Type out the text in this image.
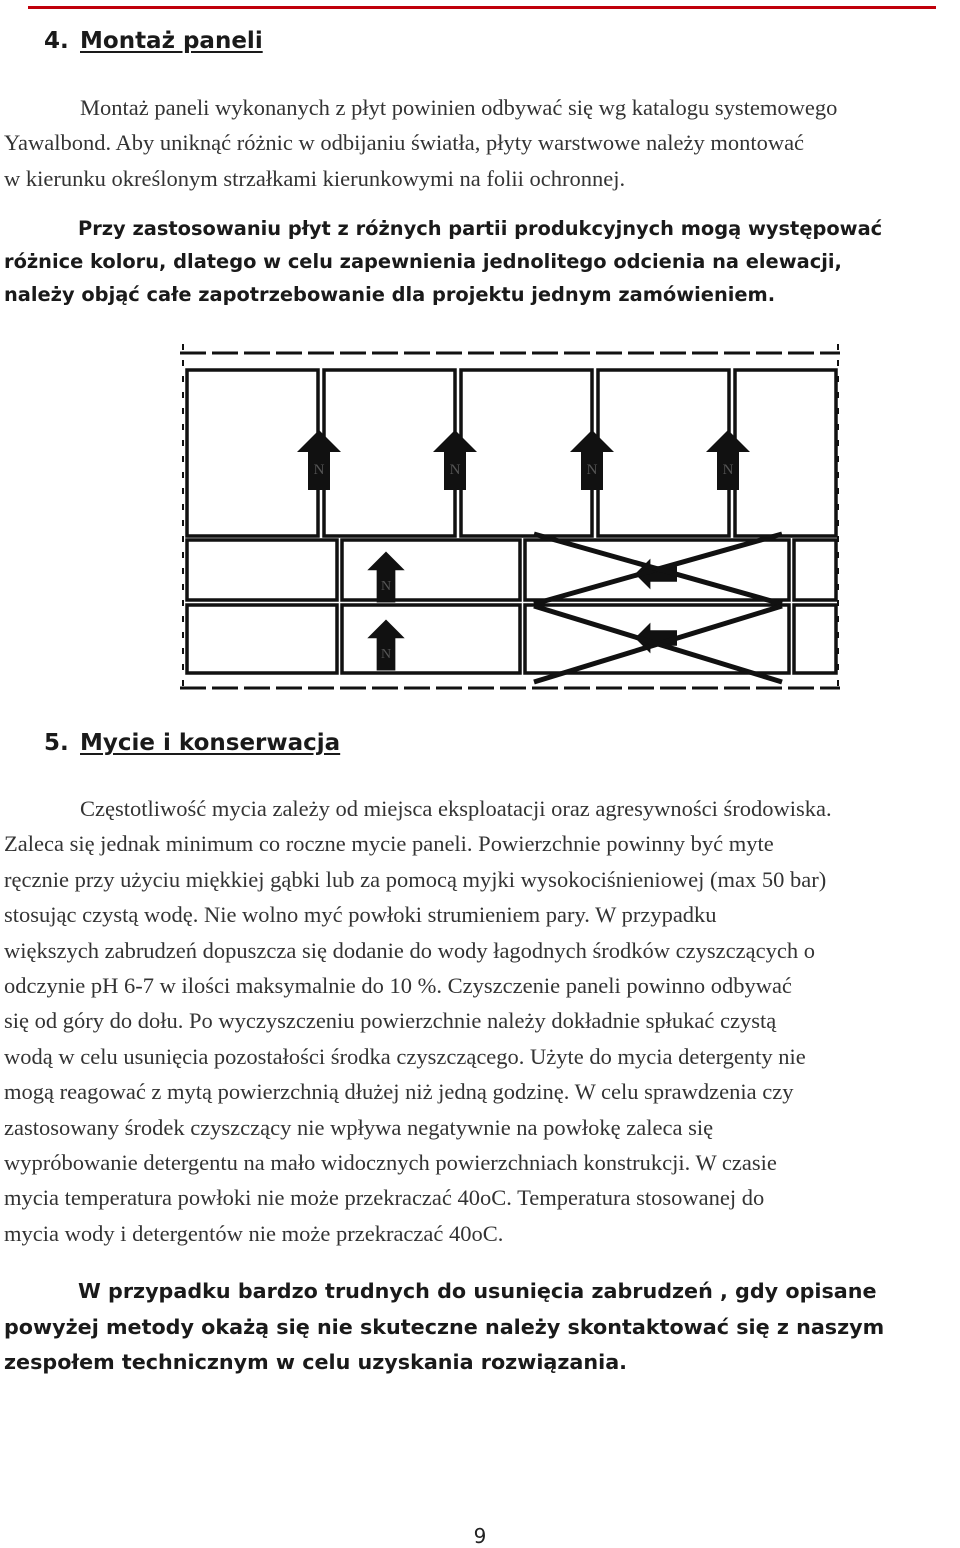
4. Montaż paneli

Montaż paneli wykonanych z płyt powinien odbywać się wg katalogu systemowego
Yawalbond. Aby uniknąć różnic w odbijaniu światła, płyty warstwowe należy montować
w kierunku określonym strzałkami kierunkowymi na folii ochronnej.

Przy zastosowaniu płyt z różnych partii produkcyjnych mogą występować
różnice koloru, dlatego w celu zapewnienia jednolitego odcienia na elewacji,
należy objąć całe zapotrzebowanie dla projektu jednym zamówieniem.

N	N	N	N
N
N
5. Mycie i konserwacja

Częstotliwość mycia zależy od miejsca eksploatacji oraz agresywności środowiska.
Zaleca się jednak minimum co roczne mycie paneli. Powierzchnie powinny być myte
ręcznie przy użyciu miękkiej gąbki lub za pomocą myjki wysokociśnieniowej (max 50 bar)
stosując czystą wodę. Nie wolno myć powłoki strumieniem pary. W przypadku
większych zabrudzeń dopuszcza się dodanie do wody łagodnych środków czyszczących o
odczynie pH 6-7 w ilości maksymalnie do 10 %. Czyszczenie paneli powinno odbywać
się od góry do dołu. Po wyczyszczeniu powierzchnie należy dokładnie spłukać czystą
wodą w celu usunięcia pozostałości środka czyszczącego. Użyte do mycia detergenty nie
mogą reagować z mytą powierzchnią dłużej niż jedną godzinę. W celu sprawdzenia czy
zastosowany środek czyszczący nie wpływa negatywnie na powłokę zaleca się
wypróbowanie detergentu na mało widocznych powierzchniach konstrukcji. W czasie
mycia temperatura powłoki nie może przekraczać 40oC. Temperatura stosowanej do
mycia wody i detergentów nie może przekraczać 40oC.

W przypadku bardzo trudnych do usunięcia zabrudzeń , gdy opisane
powyżej metody okażą się nie skuteczne należy skontaktować się z naszym
zespołem technicznym w celu uzyskania rozwiązania.

9
